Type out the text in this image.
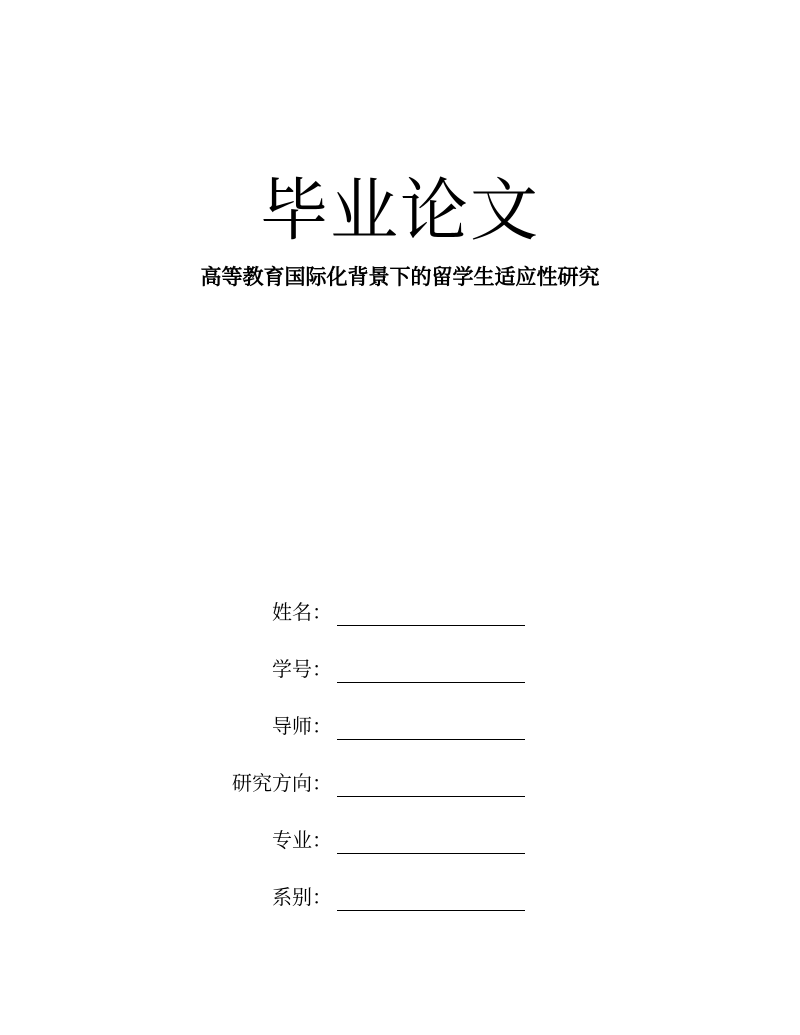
毕业论文
高等教育国际化背景下的留学生适应性研究
姓名：
学号：
导师：
研究方向：
专业：
系别：
